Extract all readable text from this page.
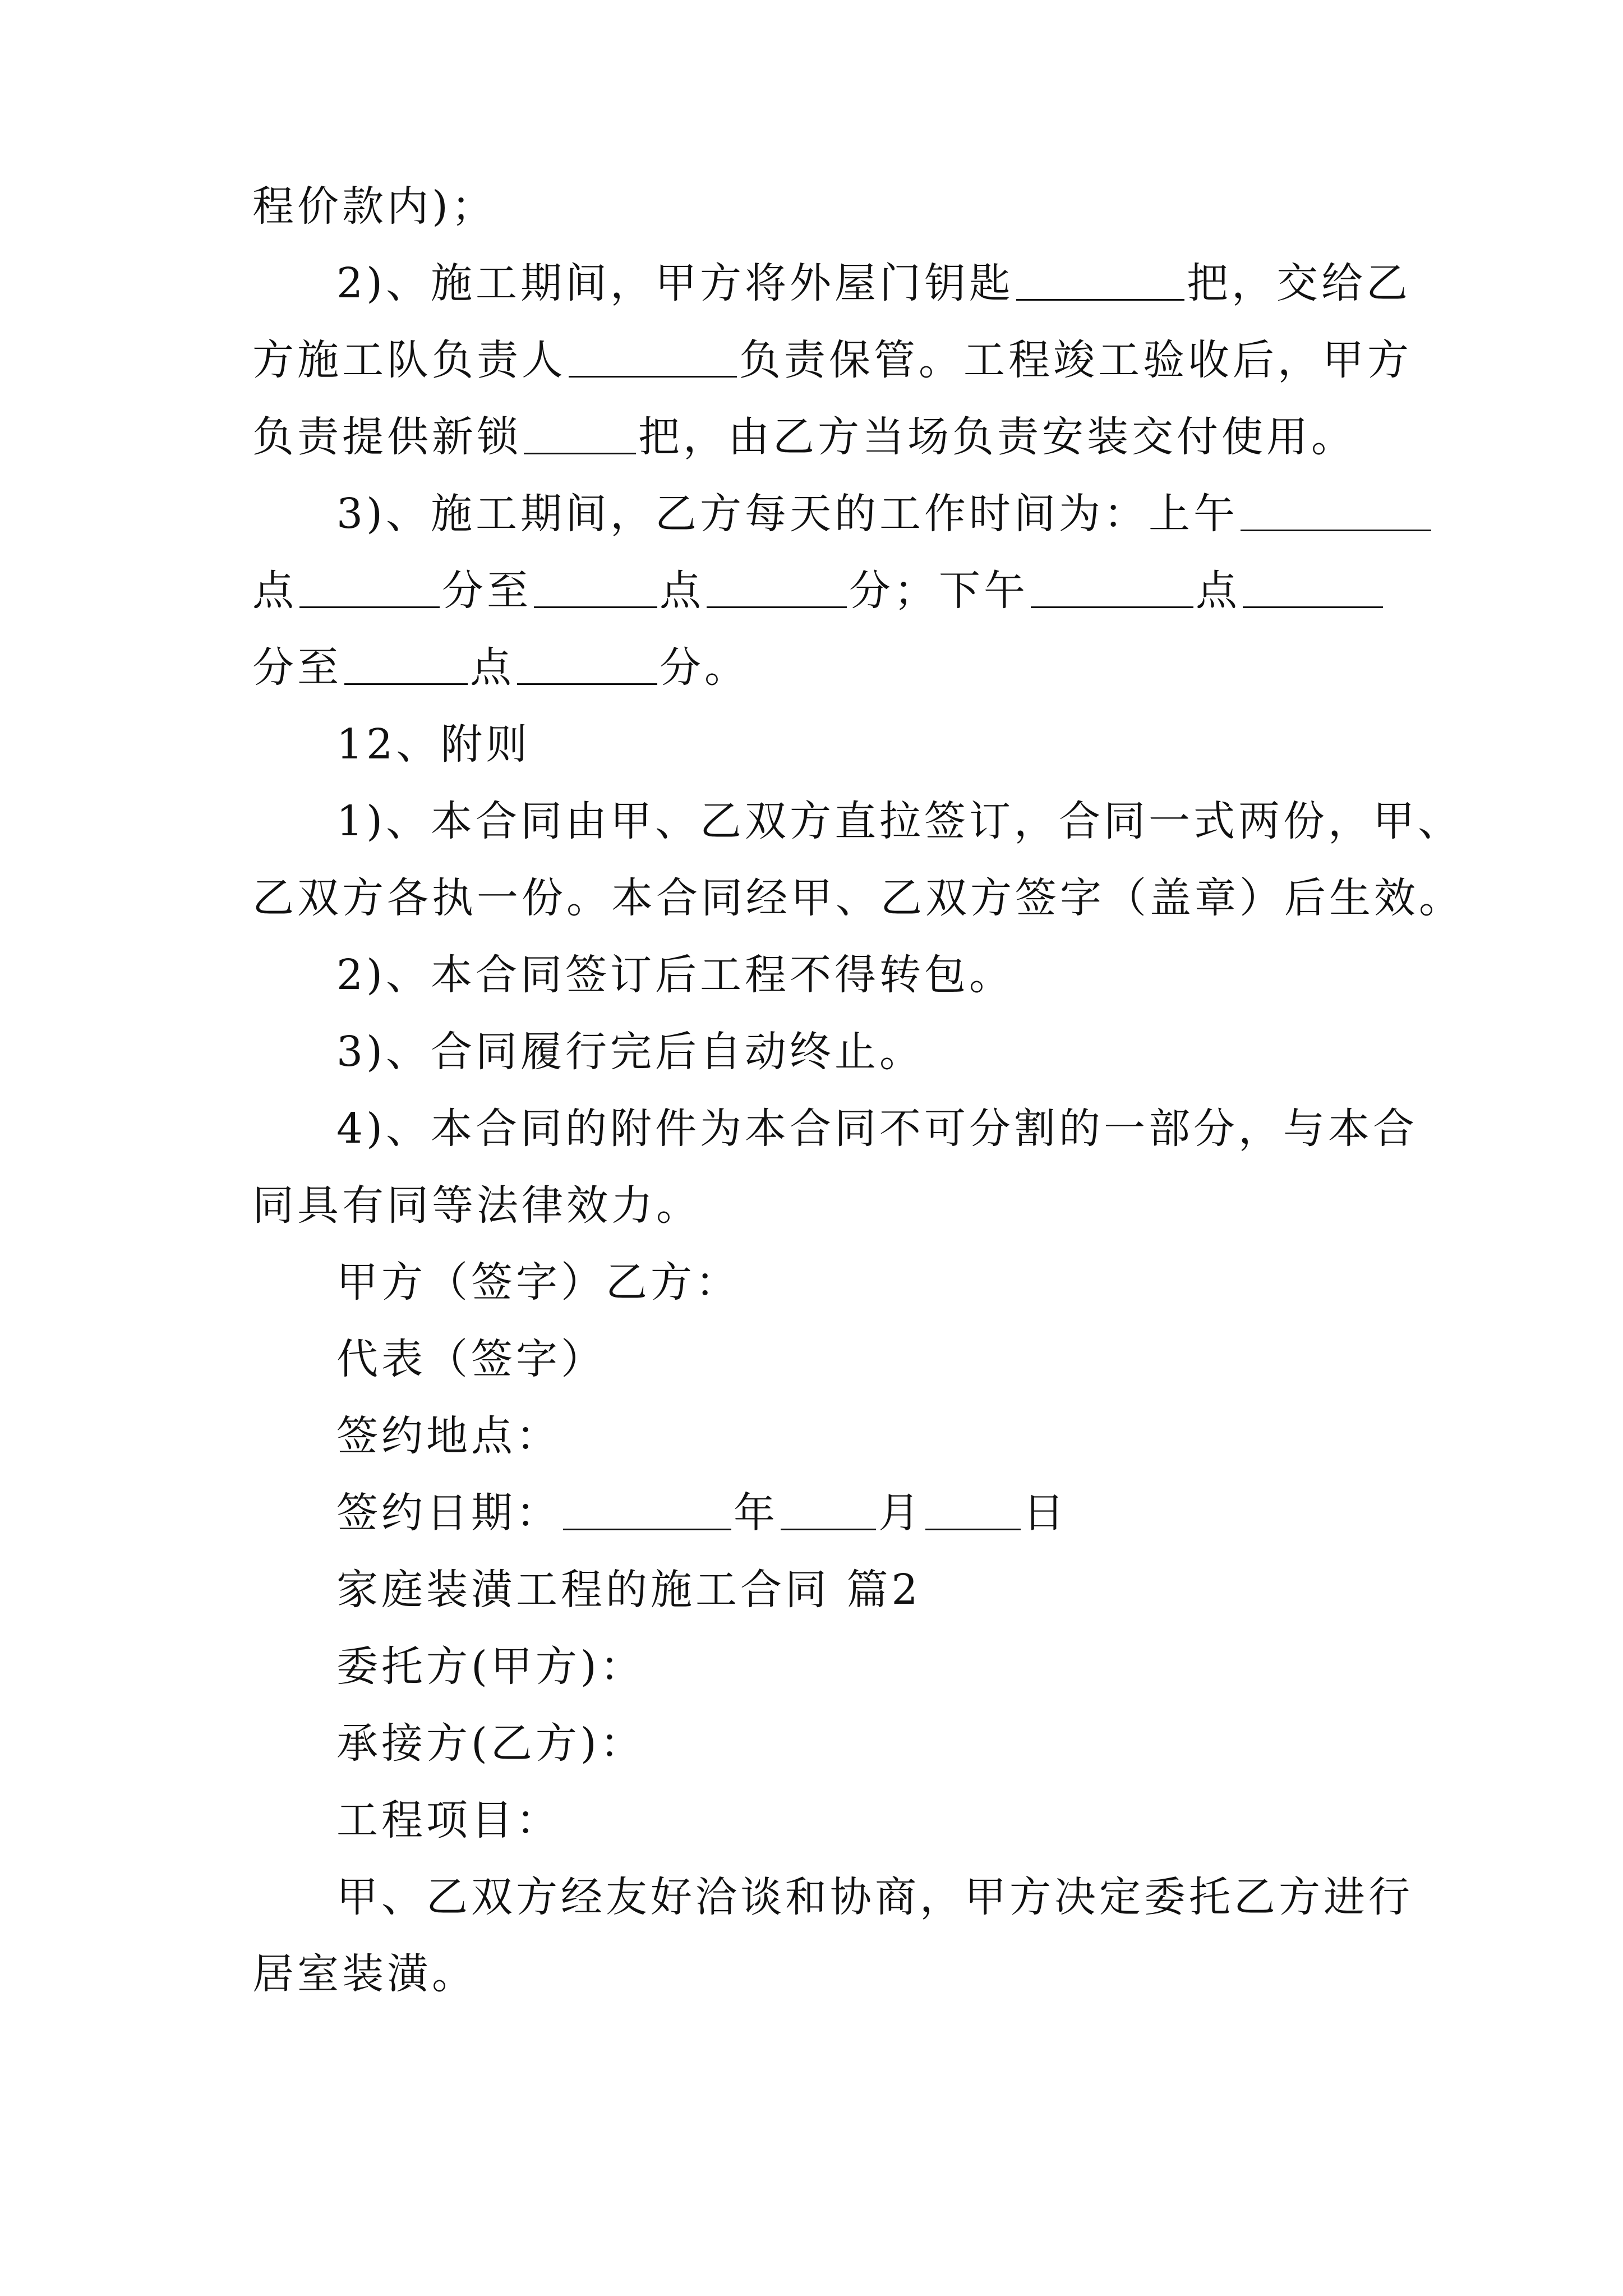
程价款内)；
2)、施工期间，甲方将外屋门钥匙	把，交给乙
方施工队负责人	负责保管。工程竣工验收后，甲方
负责提供新锁	把，由乙方当场负责安装交付使用。
3)、施工期间，乙方每天的工作时间为：上午
点	分至	点	分；下午	点
分至	点	分。
12、附则
1)、本合同由甲、乙双方直拉签订，合同一式两份，甲、
乙双方各执一份。本合同经甲、乙双方签字（盖章）后生效。
2)、本合同签订后工程不得转包。
3)、合同履行完后自动终止。
4)、本合同的附件为本合同不可分割的一部分，与本合
同具有同等法律效力。
甲方（签字）乙方：
代表（签字）
签约地点：
签约日期：	年 月 日
家庭装潢工程的施工合同 篇2
委托方(甲方)：
承接方(乙方)：
工程项目：
甲、乙双方经友好洽谈和协商，甲方决定委托乙方进行
居室装潢。
